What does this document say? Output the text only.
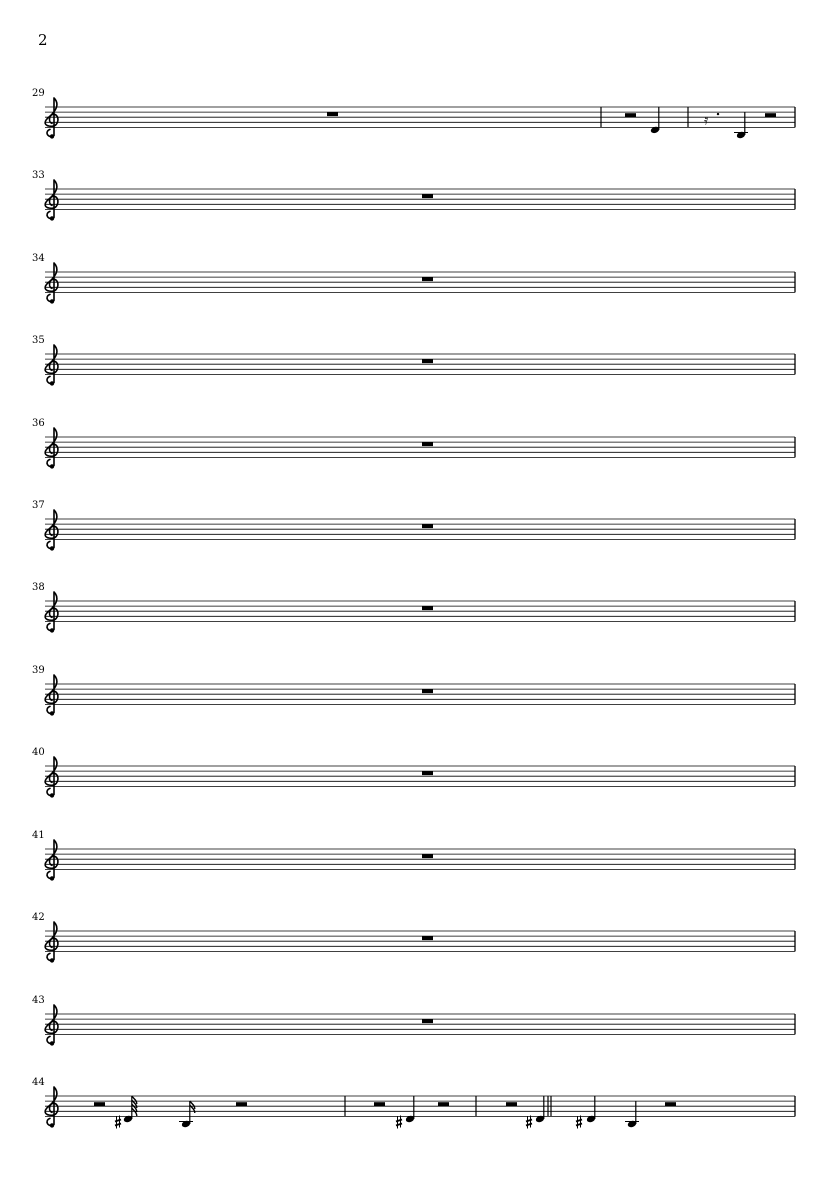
2
29
𝄿
33
34
35
36
37
38
39
40
41
42
43
44
